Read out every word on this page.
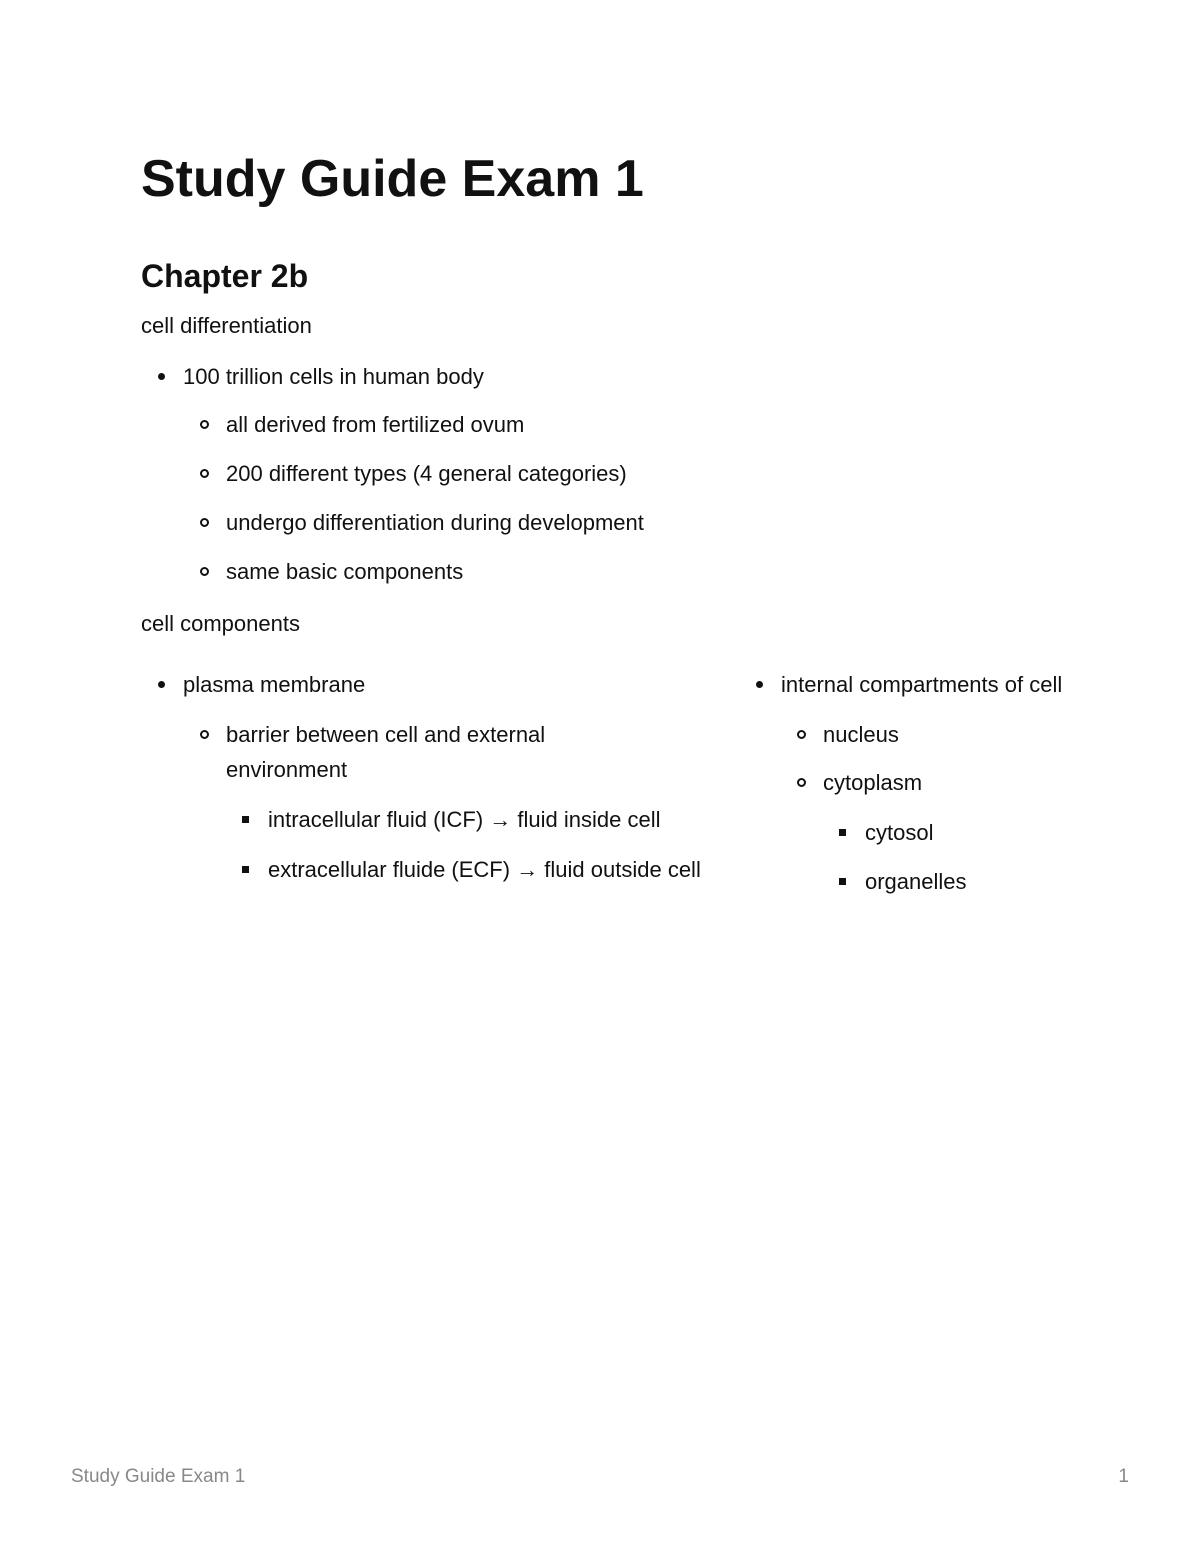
Study Guide Exam 1
Chapter 2b

cell differentiation

100 trillion cells in human body
all derived from fertilized ovum
200 different types (4 general categories)
undergo differentiation during development
same basic components

cell components

plasma membrane
barrier between cell and external environment
intracellular fluid (ICF) → fluid inside cell
extracellular fluide (ECF) → fluid outside cell
internal compartments of cell
nucleus
cytoplasm
cytosol
organelles
Study Guide Exam 1	1
